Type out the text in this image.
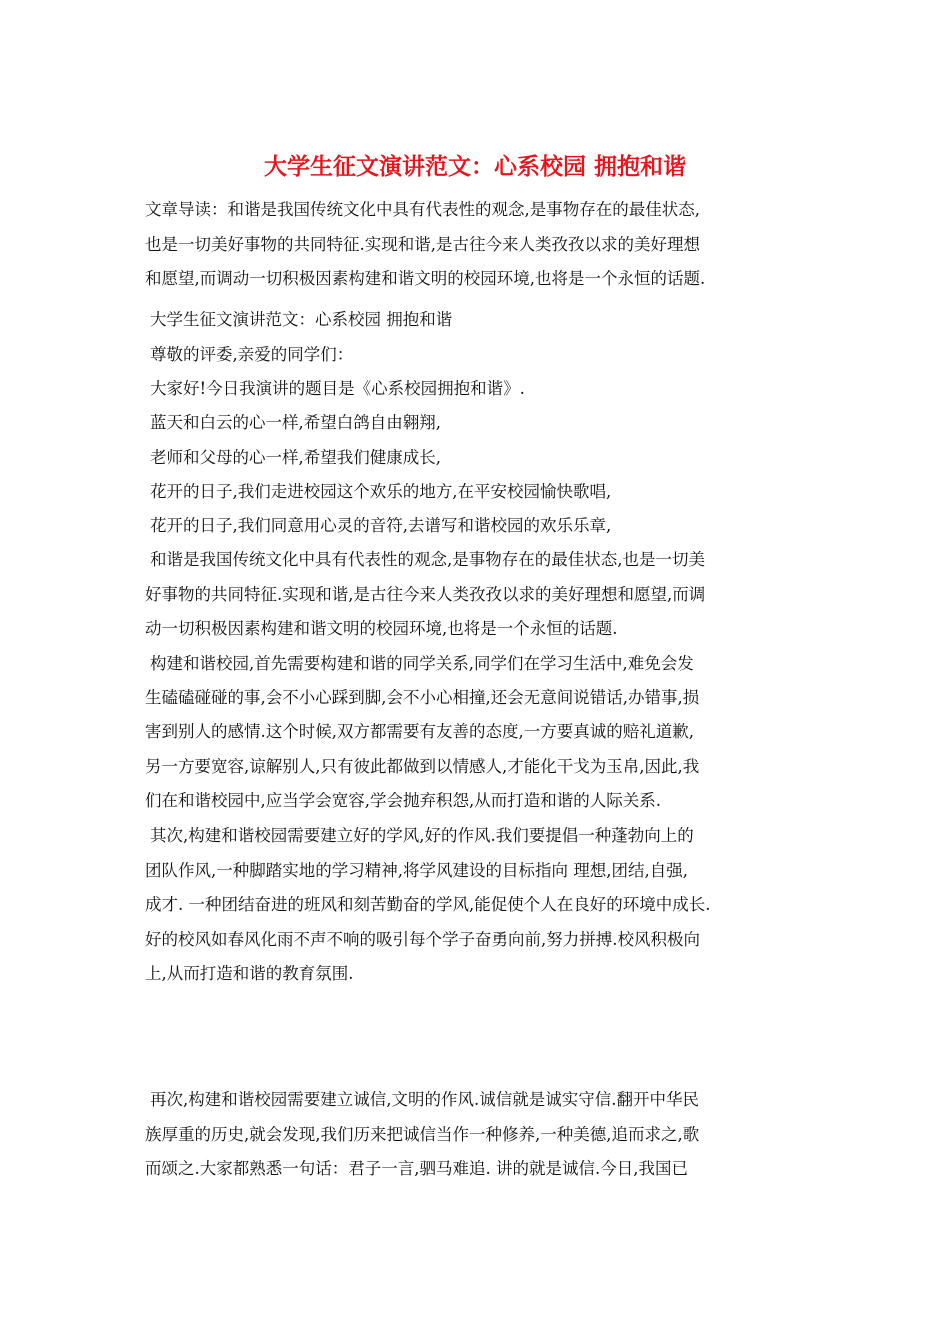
大学生征文演讲范文：心系校园 拥抱和谐
文章导读：和谐是我国传统文化中具有代表性的观念,是事物存在的最佳状态,
也是一切美好事物的共同特征.实现和谐,是古往今来人类孜孜以求的美好理想
和愿望,而调动一切积极因素构建和谐文明的校园环境,也将是一个永恒的话题.
大学生征文演讲范文：心系校园 拥抱和谐
尊敬的评委,亲爱的同学们：
大家好!今日我演讲的题目是《心系校园拥抱和谐》.
蓝天和白云的心一样,希望白鸽自由翱翔,
老师和父母的心一样,希望我们健康成长,
花开的日子,我们走进校园这个欢乐的地方,在平安校园愉快歌唱,
花开的日子,我们同意用心灵的音符,去谱写和谐校园的欢乐乐章,
和谐是我国传统文化中具有代表性的观念,是事物存在的最佳状态,也是一切美
好事物的共同特征.实现和谐,是古往今来人类孜孜以求的美好理想和愿望,而调
动一切积极因素构建和谐文明的校园环境,也将是一个永恒的话题.
构建和谐校园,首先需要构建和谐的同学关系,同学们在学习生活中,难免会发
生磕磕碰碰的事,会不小心踩到脚,会不小心相撞,还会无意间说错话,办错事,损
害到别人的感情.这个时候,双方都需要有友善的态度,一方要真诚的赔礼道歉,
另一方要宽容,谅解别人,只有彼此都做到以情感人,才能化干戈为玉帛,因此,我
们在和谐校园中,应当学会宽容,学会抛弃积怨,从而打造和谐的人际关系.
其次,构建和谐校园需要建立好的学风,好的作风.我们要提倡一种蓬勃向上的
团队作风,一种脚踏实地的学习精神,将学风建设的目标指向 理想,团结,自强,
成才. 一种团结奋进的班风和刻苦勤奋的学风,能促使个人在良好的环境中成长.
好的校风如春风化雨不声不响的吸引每个学子奋勇向前,努力拼搏.校风积极向
上,从而打造和谐的教育氛围.
再次,构建和谐校园需要建立诚信,文明的作风.诚信就是诚实守信.翻开中华民
族厚重的历史,就会发现,我们历来把诚信当作一种修养,一种美德,追而求之,歌
而颂之.大家都熟悉一句话：君子一言,驷马难追. 讲的就是诚信.今日,我国已
